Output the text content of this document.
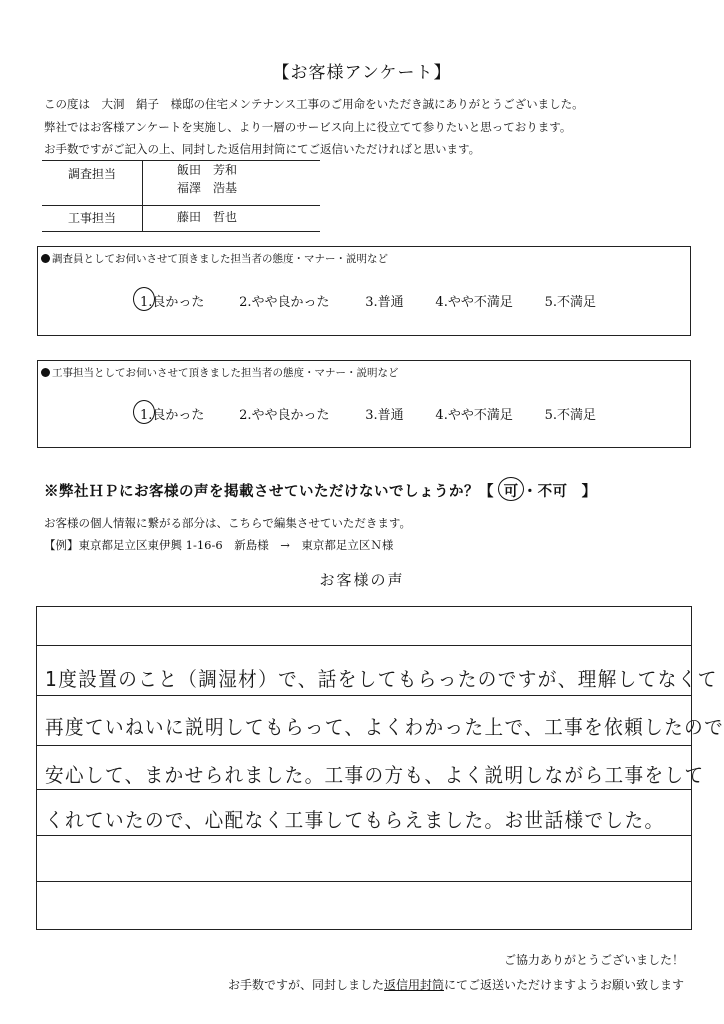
【お客様アンケート】
この度は　大洞　絹子　様邸の住宅メンテナンス工事のご用命をいただき誠にありがとうございました。
弊社ではお客様アンケートを実施し、より一層のサービス向上に役立てて参りたいと思っております。
お手数ですがご記入の上、同封した返信用封筒にてご返信いただければと思います。
調査担当	飯田　芳和
福澤　浩基

工事担当	藤田　哲也
調査員としてお伺いさせて頂きました担当者の態度・マナー・説明など
1.良かった	2.やや良かった	3.普通 4.やや不満足 5.不満足
工事担当としてお伺いさせて頂きました担当者の態度・マナー・説明など
1.良かった	2.やや良かった	3.普通 4.やや不満足 5.不満足
※弊社ＨＰにお客様の声を掲載させていただけないでしょうか？【 可 ・不可 】
お客様の個人情報に繋がる部分は、こちらで編集させていただきます。
【例】東京都足立区東伊興 1-16-6　新島様　→　東京都足立区Ｎ様
お客様の声
1度設置のこと（調湿材）で、話をしてもらったのですが、理解してなくて
再度ていねいに説明してもらって、よくわかった上で、工事を依頼したので
安心して、まかせられました。工事の方も、よく説明しながら工事をして
くれていたので、心配なく工事してもらえました。お世話様でした。
ご協力ありがとうございました！
お手数ですが、同封しました返信用封筒にてご返送いただけますようお願い致します
